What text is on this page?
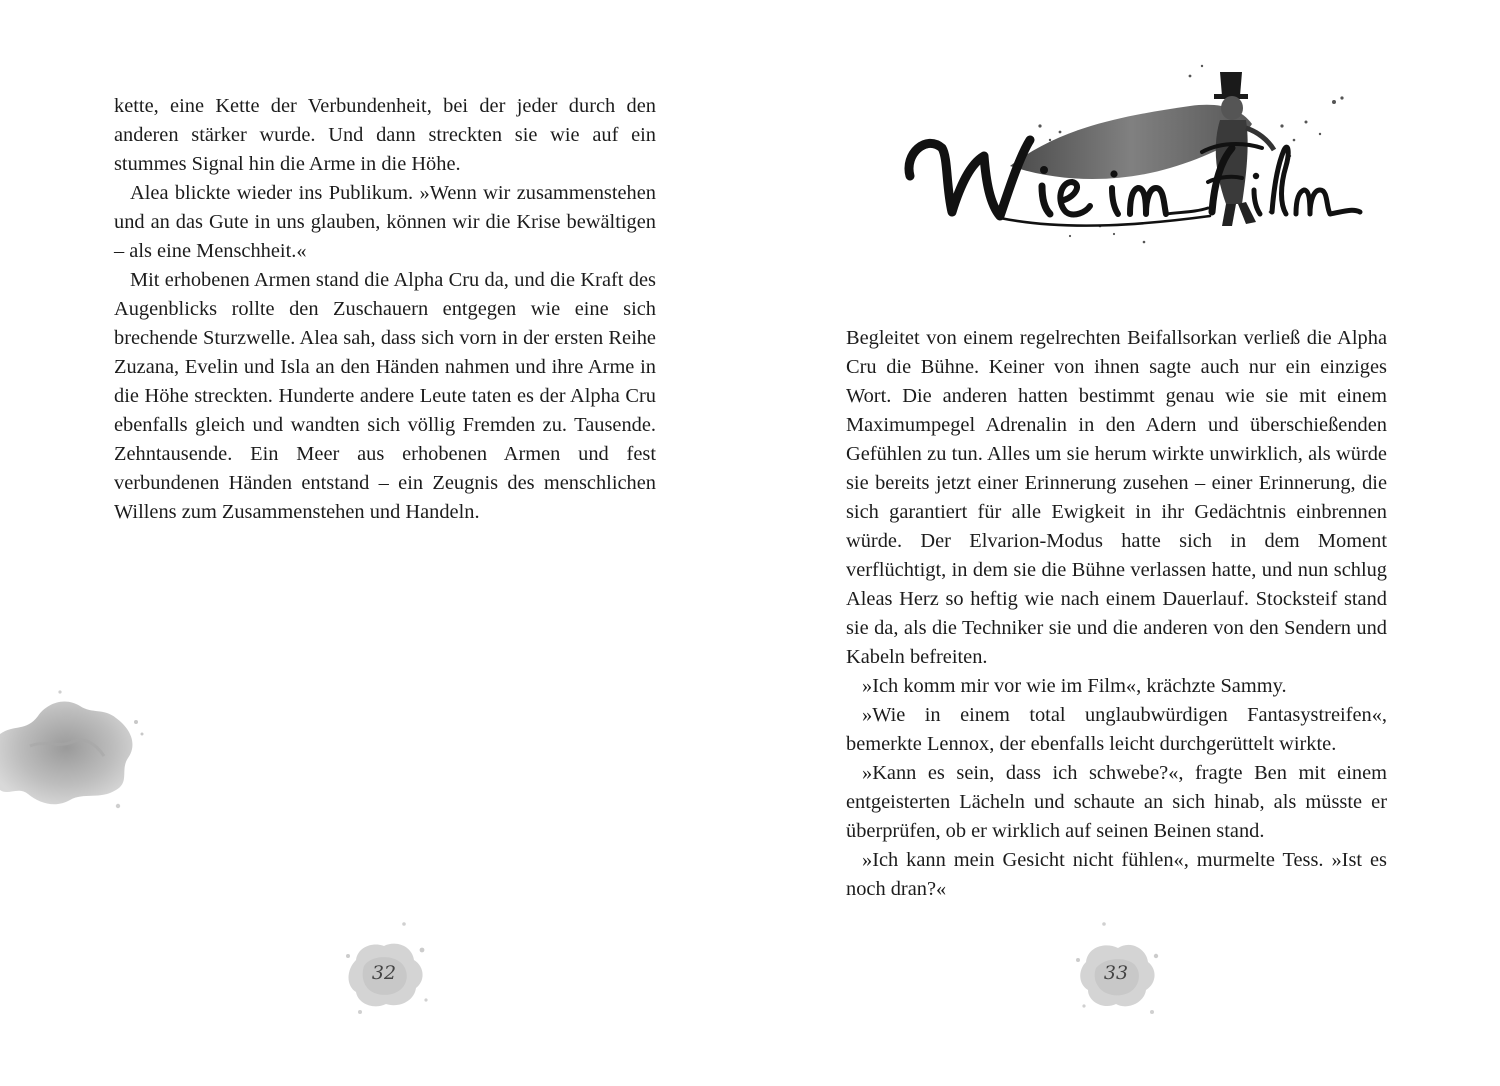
kette, eine Kette der Verbundenheit, bei der jeder durch den anderen stärker wurde. Und dann streckten sie wie auf ein stummes Signal hin die Arme in die Höhe.

Alea blickte wieder ins Publikum. »Wenn wir zusammenstehen und an das Gute in uns glauben, können wir die Krise bewältigen – als eine Menschheit.«

Mit erhobenen Armen stand die Alpha Cru da, und die Kraft des Augenblicks rollte den Zuschauern entgegen wie eine sich brechende Sturzwelle. Alea sah, dass sich vorn in der ersten Reihe Zuzana, Evelin und Isla an den Händen nahmen und ihre Arme in die Höhe streckten. Hunderte andere Leute taten es der Alpha Cru ebenfalls gleich und wandten sich völlig Fremden zu. Tausende. Zehntausende. Ein Meer aus erhobenen Armen und fest verbundenen Händen entstand – ein Zeugnis des menschlichen Willens zum Zusammenstehen und Handeln.

32

Begleitet von einem regelrechten Beifallsorkan verließ die Alpha Cru die Bühne. Keiner von ihnen sagte auch nur ein einziges Wort. Die anderen hatten bestimmt genau wie sie mit einem Maximumpegel Adrenalin in den Adern und überschießenden Gefühlen zu tun. Alles um sie herum wirkte unwirklich, als würde sie bereits jetzt einer Erinnerung zusehen – einer Erinnerung, die sich garantiert für alle Ewigkeit in ihr Gedächtnis einbrennen würde. Der Elvarion-Modus hatte sich in dem Moment verflüchtigt, in dem sie die Bühne verlassen hatte, und nun schlug Aleas Herz so heftig wie nach einem Dauerlauf. Stocksteif stand sie da, als die Techniker sie und die anderen von den Sendern und Kabeln befreiten.

»Ich komm mir vor wie im Film«, krächzte Sammy.

»Wie in einem total unglaubwürdigen Fantasystreifen«, bemerkte Lennox, der ebenfalls leicht durchgerüttelt wirkte.

»Kann es sein, dass ich schwebe?«, fragte Ben mit einem entgeisterten Lächeln und schaute an sich hinab, als müsste er überprüfen, ob er wirklich auf seinen Beinen stand.

»Ich kann mein Gesicht nicht fühlen«, murmelte Tess. »Ist es noch dran?«

33
